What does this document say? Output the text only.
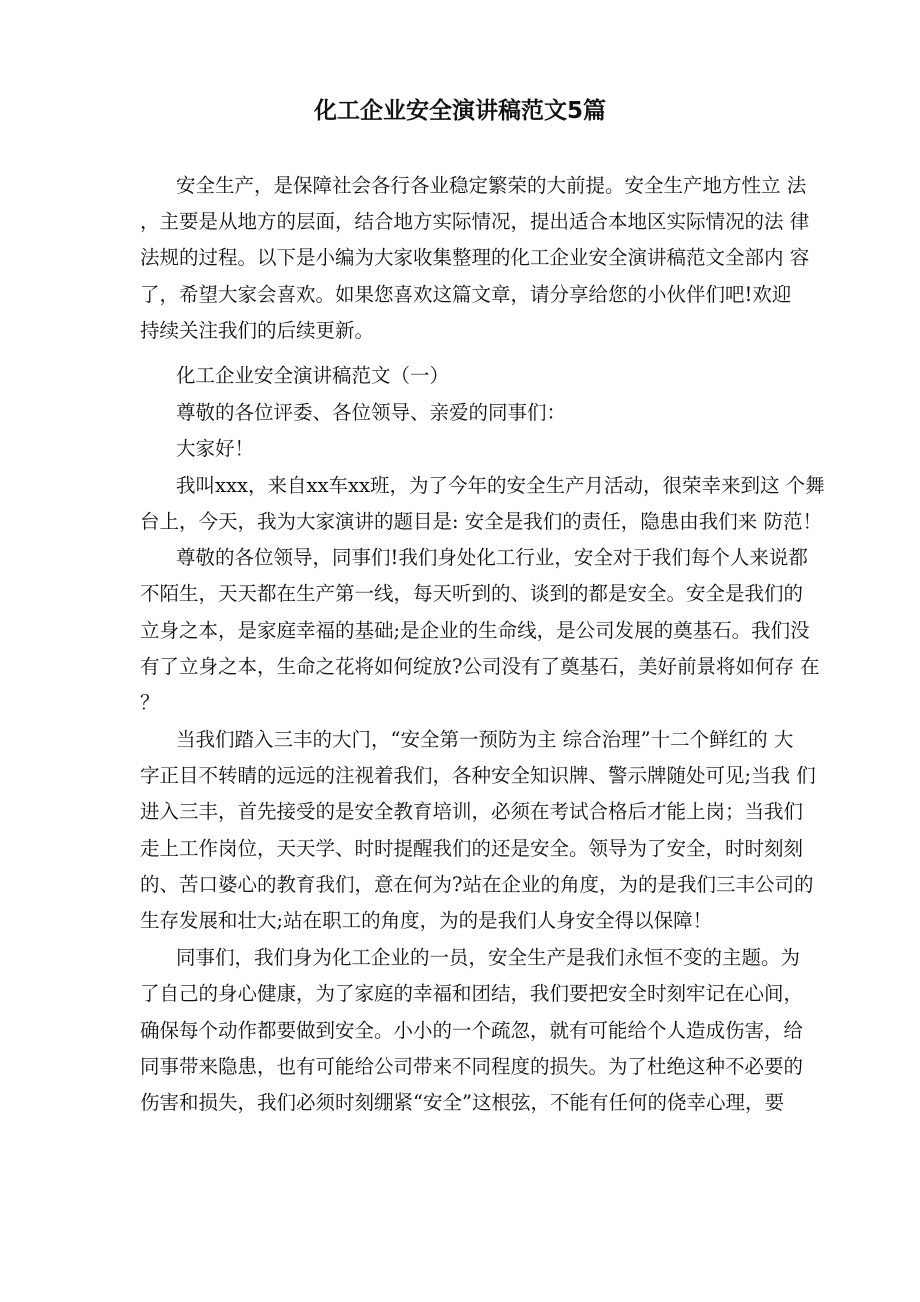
化工企业安全演讲稿范文5篇
安全生产，是保障社会各行各业稳定繁荣的大前提。安全生产地方性立 法
，主要是从地方的层面，结合地方实际情况，提出适合本地区实际情况的法 律
法规的过程。以下是小编为大家收集整理的化工企业安全演讲稿范文全部内 容
了，希望大家会喜欢。如果您喜欢这篇文章，请分享给您的小伙伴们吧!欢迎
持续关注我们的后续更新。
化工企业安全演讲稿范文（一）
尊敬的各位评委、各位领导、亲爱的同事们：
大家好！
我叫xxx，来自xx车xx班，为了今年的安全生产月活动，很荣幸来到这 个舞
台上，今天，我为大家演讲的题目是: 安全是我们的责任，隐患由我们来 防范！
尊敬的各位领导，同事们!我们身处化工行业，安全对于我们每个人来说都
不陌生，天天都在生产第一线，每天听到的、谈到的都是安全。安全是我们的
立身之本，是家庭幸福的基础;是企业的生命线，是公司发展的奠基石。我们没
有了立身之本，生命之花将如何绽放?公司没有了奠基石，美好前景将如何存 在
？
当我们踏入三丰的大门，“安全第一预防为主 综合治理”十二个鲜红的 大
字正目不转睛的远远的注视着我们，各种安全知识牌、警示牌随处可见;当我 们
进入三丰，首先接受的是安全教育培训，必须在考试合格后才能上岗；当我们
走上工作岗位，天天学、时时提醒我们的还是安全。领导为了安全，时时刻刻
的、苦口婆心的教育我们，意在何为?站在企业的角度，为的是我们三丰公司的
生存发展和壮大;站在职工的角度，为的是我们人身安全得以保障！
同事们，我们身为化工企业的一员，安全生产是我们永恒不变的主题。为
了自己的身心健康，为了家庭的幸福和团结，我们要把安全时刻牢记在心间，
确保每个动作都要做到安全。小小的一个疏忽，就有可能给个人造成伤害，给
同事带来隐患，也有可能给公司带来不同程度的损失。为了杜绝这种不必要的
伤害和损失，我们必须时刻绷紧“安全”这根弦，不能有任何的侥幸心理，要
